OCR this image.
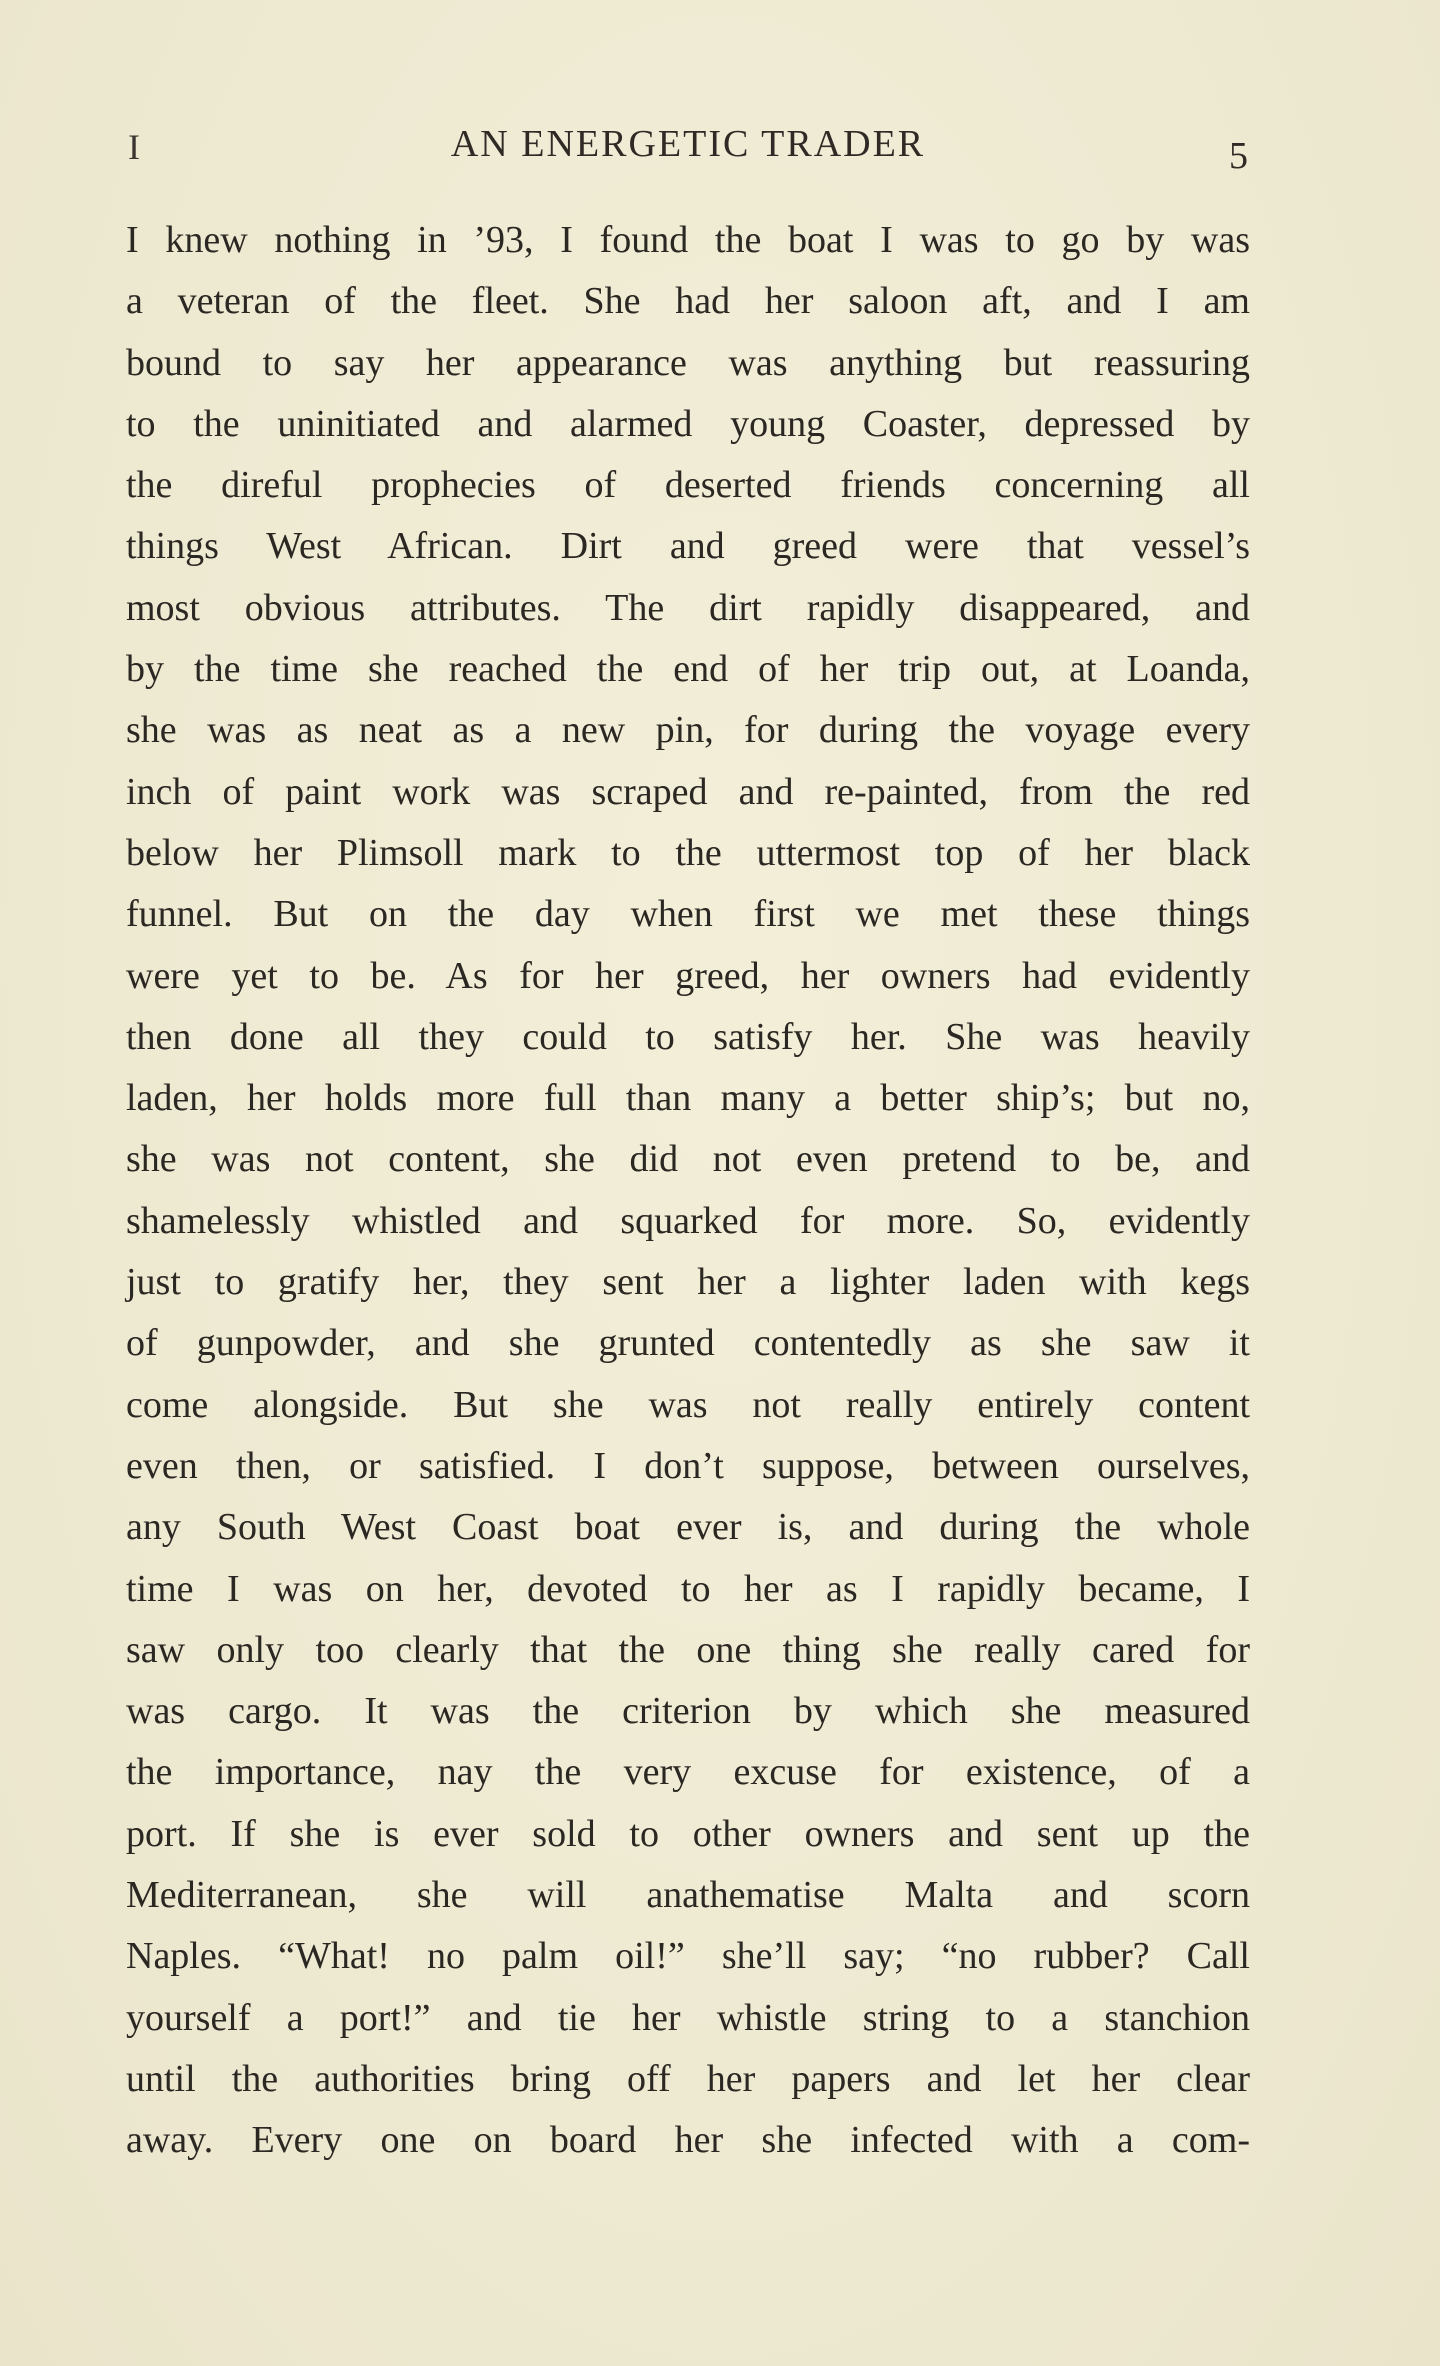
I	AN ENERGETIC TRADER	5
I knew nothing in ’93, I found the boat I was to go by was
a veteran of the fleet. She had her saloon aft, and I am
bound to say her appearance was anything but reassuring
to the uninitiated and alarmed young Coaster, depressed by
the direful prophecies of deserted friends concerning all
things West African. Dirt and greed were that vessel’s
most obvious attributes. The dirt rapidly disappeared, and
by the time she reached the end of her trip out, at Loanda,
she was as neat as a new pin, for during the voyage every
inch of paint work was scraped and re-painted, from the red
below her Plimsoll mark to the uttermost top of her black
funnel. But on the day when first we met these things
were yet to be. As for her greed, her owners had evidently
then done all they could to satisfy her. She was heavily
laden, her holds more full than many a better ship’s; but no,
she was not content, she did not even pretend to be, and
shamelessly whistled and squarked for more. So, evidently
just to gratify her, they sent her a lighter laden with kegs
of gunpowder, and she grunted contentedly as she saw it
come alongside. But she was not really entirely content
even then, or satisfied. I don’t suppose, between ourselves,
any South West Coast boat ever is, and during the whole
time I was on her, devoted to her as I rapidly became, I
saw only too clearly that the one thing she really cared for
was cargo. It was the criterion by which she measured
the importance, nay the very excuse for existence, of a
port. If she is ever sold to other owners and sent up the
Mediterranean, she will anathematise Malta and scorn
Naples. “What! no palm oil!” she’ll say; “no rubber? Call
yourself a port!” and tie her whistle string to a stanchion
until the authorities bring off her papers and let her clear
away. Every one on board her she infected with a com-
